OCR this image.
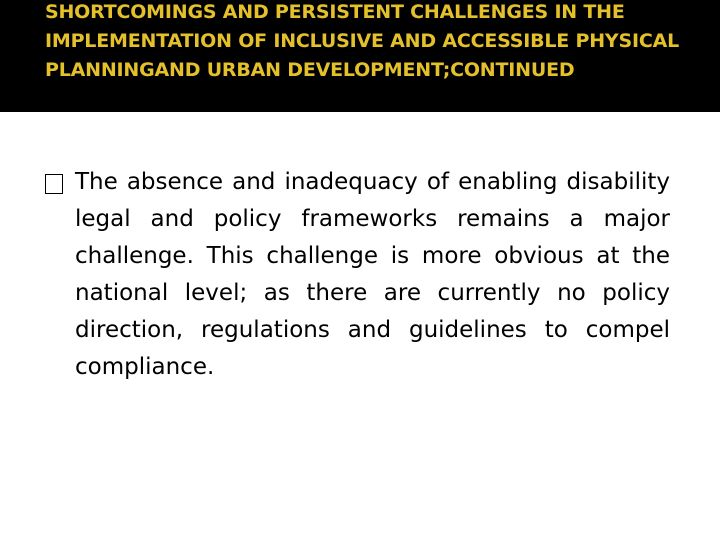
SHORTCOMINGS AND PERSISTENT CHALLENGES IN THE IMPLEMENTATION OF INCLUSIVE AND ACCESSIBLE PHYSICAL PLANNINGAND URBAN DEVELOPMENT;CONTINUED

The absence and inadequacy of enabling disability legal and policy frameworks remains a major challenge. This challenge is more obvious at the national level; as there are currently no policy direction, regulations and guidelines to compel compliance.
